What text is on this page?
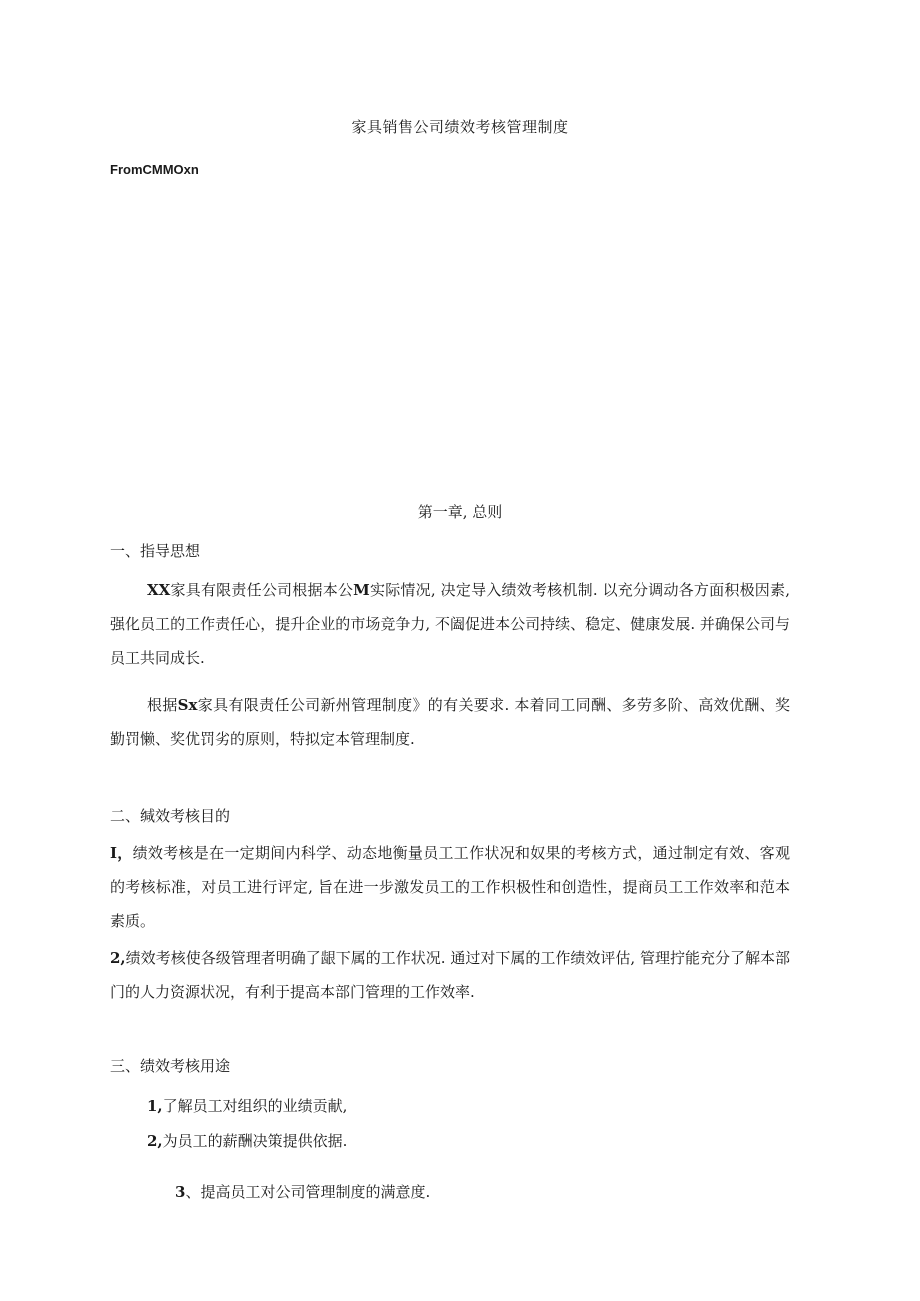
家具销售公司绩效考核管理制度
FromCMMOxn
第一章, 总则
一、指导思想
XX家具有限责任公司根据本公M实际情况, 决定导入绩效考核机制. 以充分调动各方面积极因素, 强化员工的工作责任心，提升企业的市场竞争力, 不阖促进本公司持续、稳定、健康发展. 并确保公司与员工共同成长.
根据Sx家具有限责任公司新州管理制度》的有关要求. 本着同工同酬、多劳多阶、高效优酬、奖勤罚懒、奖优罚劣的原则，特拟定本管理制度.
二、缄效考核目的
I，绩效考核是在一定期间内科学、动态地衡量员工工作状况和奴果的考核方式，通过制定有效、客观的考核标准，对员工进行评定, 旨在进一步激发员工的工作枳极性和创造性，提商员工工作效率和范本素质。
2,绩效考核使各级管理者明确了龈下属的工作状况. 通过对下属的工作绩效评估, 管理拧能充分了解本部门的人力资源状况，有利于提高本部门管理的工作效率.
三、绩效考核用途
1,了解员工对组织的业绩贡献,
2,为员工的薪酬决策提供依据.
3、提高员工对公司管理制度的满意度.
